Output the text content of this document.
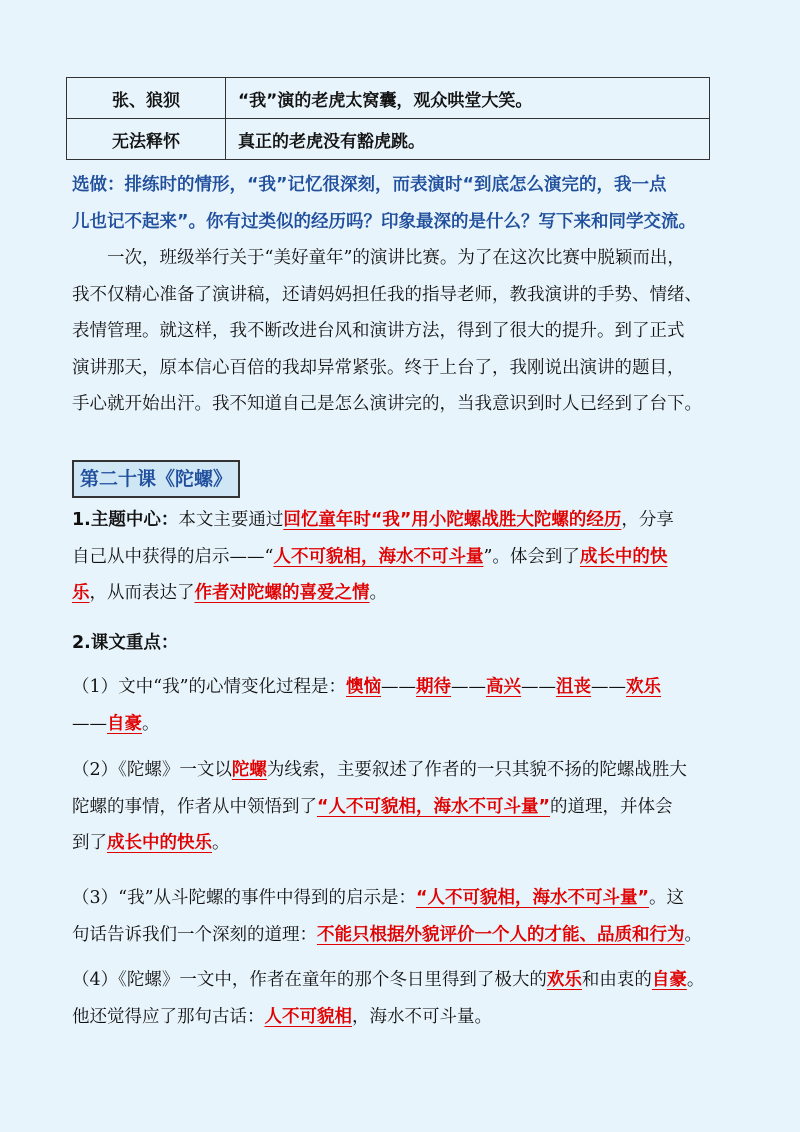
张、狼狈	“我”演的老虎太窝囊，观众哄堂大笑。
无法释怀	真正的老虎没有豁虎跳。
选做：排练时的情形，“我”记忆很深刻，而表演时“到底怎么演完的，我一点
儿也记不起来”。你有过类似的经历吗？印象最深的是什么？写下来和同学交流。
一次，班级举行关于“美好童年”的演讲比赛。为了在这次比赛中脱颖而出，
我不仅精心准备了演讲稿，还请妈妈担任我的指导老师，教我演讲的手势、情绪、
表情管理。就这样，我不断改进台风和演讲方法，得到了很大的提升。到了正式
演讲那天，原本信心百倍的我却异常紧张。终于上台了，我刚说出演讲的题目，
手心就开始出汗。我不知道自己是怎么演讲完的，当我意识到时人已经到了台下。
第二十课《陀螺》
1.主题中心：本文主要通过回忆童年时“我”用小陀螺战胜大陀螺的经历，分享
自己从中获得的启示——“人不可貌相，海水不可斗量”。体会到了成长中的快
乐，从而表达了作者对陀螺的喜爱之情。
2.课文重点：
（1）文中“我”的心情变化过程是：懊恼——期待——高兴——沮丧——欢乐
——自豪。
（2）《陀螺》一文以陀螺为线索，主要叙述了作者的一只其貌不扬的陀螺战胜大
陀螺的事情，作者从中领悟到了“人不可貌相，海水不可斗量”的道理，并体会
到了成长中的快乐。
（3）“我”从斗陀螺的事件中得到的启示是：“人不可貌相，海水不可斗量”。这
句话告诉我们一个深刻的道理：不能只根据外貌评价一个人的才能、品质和行为。
（4）《陀螺》一文中，作者在童年的那个冬日里得到了极大的欢乐和由衷的自豪。
他还觉得应了那句古话：人不可貌相，海水不可斗量。
